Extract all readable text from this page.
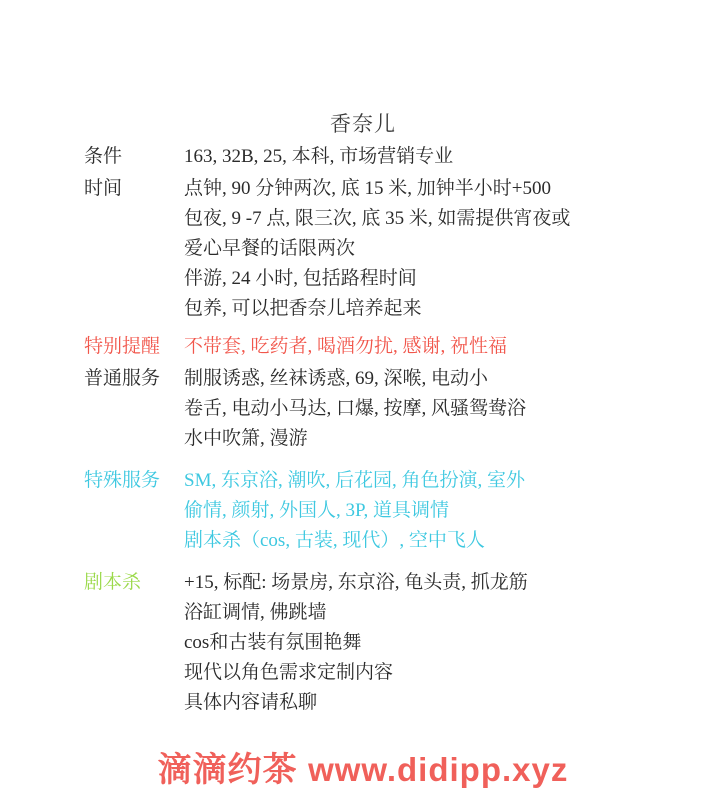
香奈儿
条件	163, 32B, 25, 本科, 市场营销专业
时间	点钟, 90 分钟两次, 底 15 米, 加钟半小时+500
包夜, 9 -7 点, 限三次, 底 35 米, 如需提供宵夜或
爱心早餐的话限两次
伴游, 24 小时, 包括路程时间
包养, 可以把香奈儿培养起来
特别提醒	不带套, 吃药者, 喝酒勿扰, 感谢, 祝性福
普通服务	制服诱惑, 丝袜诱惑, 69, 深喉, 电动小
卷舌, 电动小马达, 口爆, 按摩, 风骚鸳鸯浴
水中吹箫, 漫游
特殊服务	SM, 东京浴, 潮吹, 后花园, 角色扮演, 室外
偷情, 颜射, 外国人, 3P, 道具调情
剧本杀（cos, 古装, 现代）, 空中飞人
剧本杀	+15, 标配: 场景房, 东京浴, 龟头责, 抓龙筋
浴缸调情, 佛跳墙
cos和古装有氛围艳舞
现代以角色需求定制内容
具体内容请私聊
滴滴约茶 www.didipp.xyz
